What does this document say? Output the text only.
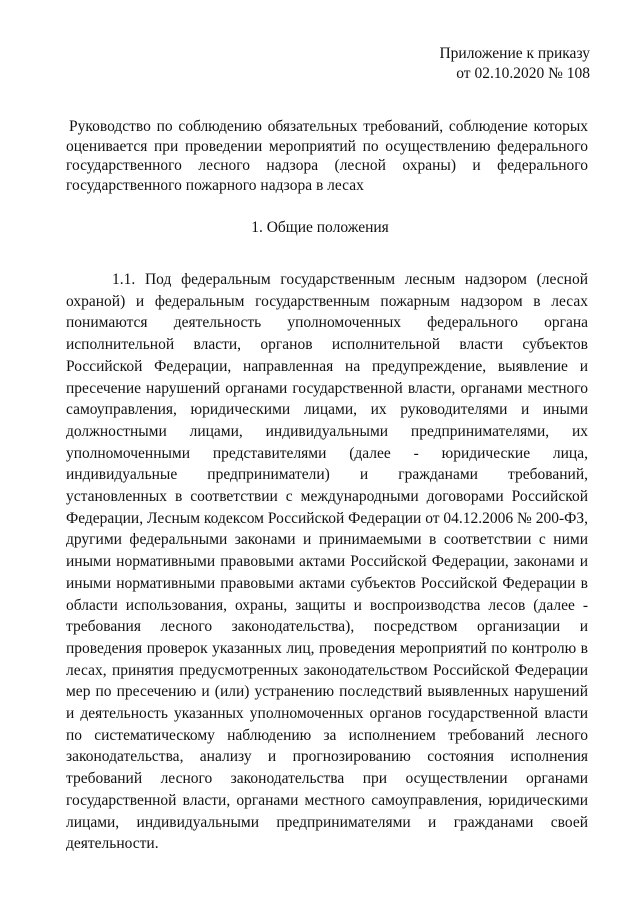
Приложение к приказу
от 02.10.2020 № 108
Руководство по соблюдению обязательных требований, соблюдение которых оценивается при проведении мероприятий по осуществлению федерального государственного лесного надзора (лесной охраны) и федерального государственного пожарного надзора в лесах
1. Общие положения

1.1. Под федеральным государственным лесным надзором (лесной охраной) и федеральным государственным пожарным надзором в лесах понимаются деятельность уполномоченных федерального органа исполнительной власти, органов исполнительной власти субъектов Российской Федерации, направленная на предупреждение, выявление и пресечение нарушений органами государственной власти, органами местного самоуправления, юридическими лицами, их руководителями и иными должностными лицами, индивидуальными предпринимателями, их уполномоченными представителями (далее - юридические лица, индивидуальные предприниматели) и гражданами требований, установленных в соответствии с международными договорами Российской Федерации, Лесным кодексом Российской Федерации от 04.12.2006 № 200-ФЗ, другими федеральными законами и принимаемыми в соответствии с ними иными нормативными правовыми актами Российской Федерации, законами и иными нормативными правовыми актами субъектов Российской Федерации в области использования, охраны, защиты и воспроизводства лесов (далее - требования лесного законодательства), посредством организации и проведения проверок указанных лиц, проведения мероприятий по контролю в лесах, принятия предусмотренных законодательством Российской Федерации мер по пресечению и (или) устранению последствий выявленных нарушений и деятельность указанных уполномоченных органов государственной власти по систематическому наблюдению за исполнением требований лесного законодательства, анализу и прогнозированию состояния исполнения требований лесного законодательства при осуществлении органами государственной власти, органами местного самоуправления, юридическими лицами, индивидуальными предпринимателями и гражданами своей деятельности.
